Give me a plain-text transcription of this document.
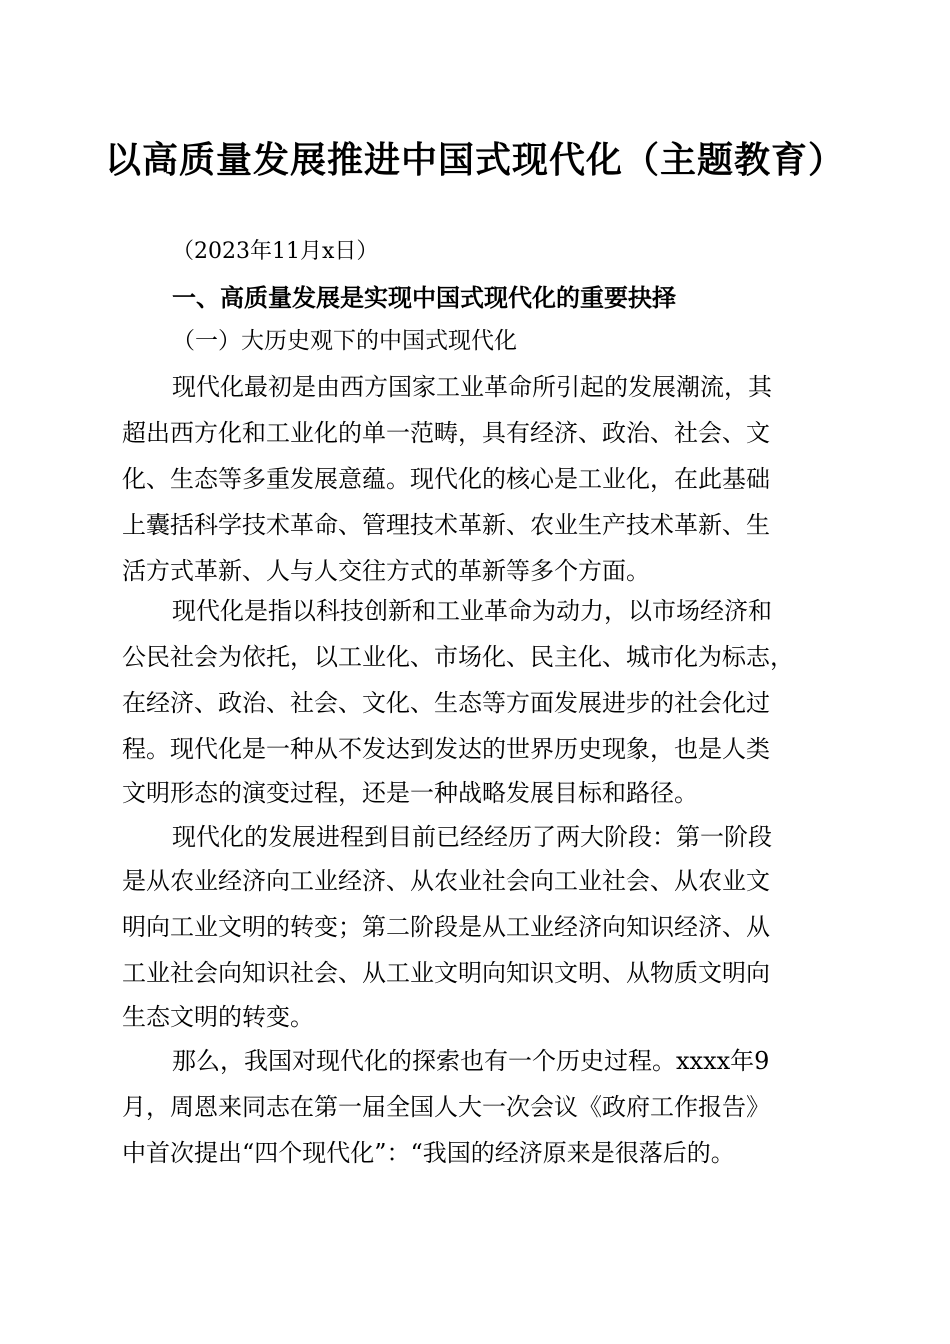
以高质量发展推进中国式现代化（主题教育）
（2023年11月x日）
一、高质量发展是实现中国式现代化的重要抉择
（一）大历史观下的中国式现代化
现代化最初是由西方国家工业革命所引起的发展潮流，其
超出西方化和工业化的单一范畴，具有经济、政治、社会、文
化、生态等多重发展意蕴。现代化的核心是工业化，在此基础
上囊括科学技术革命、管理技术革新、农业生产技术革新、生
活方式革新、人与人交往方式的革新等多个方面。
现代化是指以科技创新和工业革命为动力，以市场经济和
公民社会为依托，以工业化、市场化、民主化、城市化为标志，
在经济、政治、社会、文化、生态等方面发展进步的社会化过
程。现代化是一种从不发达到发达的世界历史现象，也是人类
文明形态的演变过程，还是一种战略发展目标和路径。
现代化的发展进程到目前已经经历了两大阶段：第一阶段
是从农业经济向工业经济、从农业社会向工业社会、从农业文
明向工业文明的转变；第二阶段是从工业经济向知识经济、从
工业社会向知识社会、从工业文明向知识文明、从物质文明向
生态文明的转变。
那么，我国对现代化的探索也有一个历史过程。xxxx年9
月，周恩来同志在第一届全国人大一次会议《政府工作报告》
中首次提出“四个现代化”：“我国的经济原来是很落后的。
